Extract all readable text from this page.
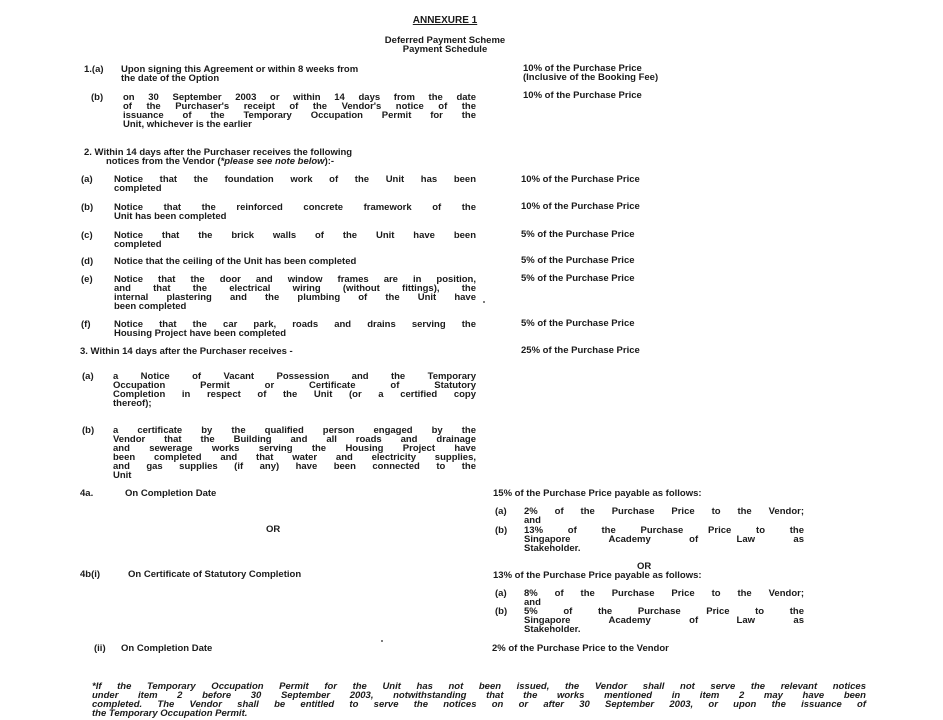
ANNEXURE 1
Deferred Payment Scheme
Payment Schedule
1.(a) Upon signing this Agreement or within 8 weeks from
the date of the Option
10% of the Purchase Price
(Inclusive of the Booking Fee)
(b) on 30 September 2003 or within 14 days from the date
of the Purchaser's receipt of the Vendor's notice of the
issuance of the Temporary Occupation Permit for the
Unit, whichever is the earlier
10% of the Purchase Price
2. Within 14 days after the Purchaser receives the following
notices from the Vendor (*please see note below):-
(a) Notice that the foundation work of the Unit has been
completed
10% of the Purchase Price
(b) Notice that the reinforced concrete framework of the
Unit has been completed
10% of the Purchase Price
(c) Notice that the brick walls of the Unit have been
completed
5% of the Purchase Price
(d) Notice that the ceiling of the Unit has been completed	5% of the Purchase Price
(e) Notice that the door and window frames are in position,
and that the electrical wiring (without fittings), the
internal plastering and the plumbing of the Unit have
been completed
5% of the Purchase Price
(f) Notice that the car park, roads and drains serving the
Housing Project have been completed
5% of the Purchase Price
3. Within 14 days after the Purchaser receives -	25% of the Purchase Price
(a) a Notice of Vacant Possession and the Temporary
Occupation Permit or Certificate of Statutory
Completion in respect of the Unit (or a certified copy
thereof);
(b) a certificate by the qualified person engaged by the
Vendor that the Building and all roads and drainage
and sewerage works serving the Housing Project have
been completed and that water and electricity supplies,
and gas supplies (if any) have been connected to the
Unit
4a.	On Completion Date	15% of the Purchase Price payable as follows:
(a) 2% of the Purchase Price to the Vendor;
and
(b) 13% of the Purchase Price to the
Singapore Academy of Law as
Stakeholder.
OR
OR
4b(i)	On Certificate of Statutory Completion	13% of the Purchase Price payable as follows:
(a) 8% of the Purchase Price to the Vendor;
and
(b) 5% of the Purchase Price to the
Singapore Academy of Law as
Stakeholder.
(ii) On Completion Date	2% of the Purchase Price to the Vendor
*If the Temporary Occupation Permit for the Unit has not been issued, the Vendor shall not serve the relevant notices
under item 2 before 30 September 2003, notwithstanding that the works mentioned in item 2 may have been
completed. The Vendor shall be entitled to serve the notices on or after 30 September 2003, or upon the issuance of
the Temporary Occupation Permit.
